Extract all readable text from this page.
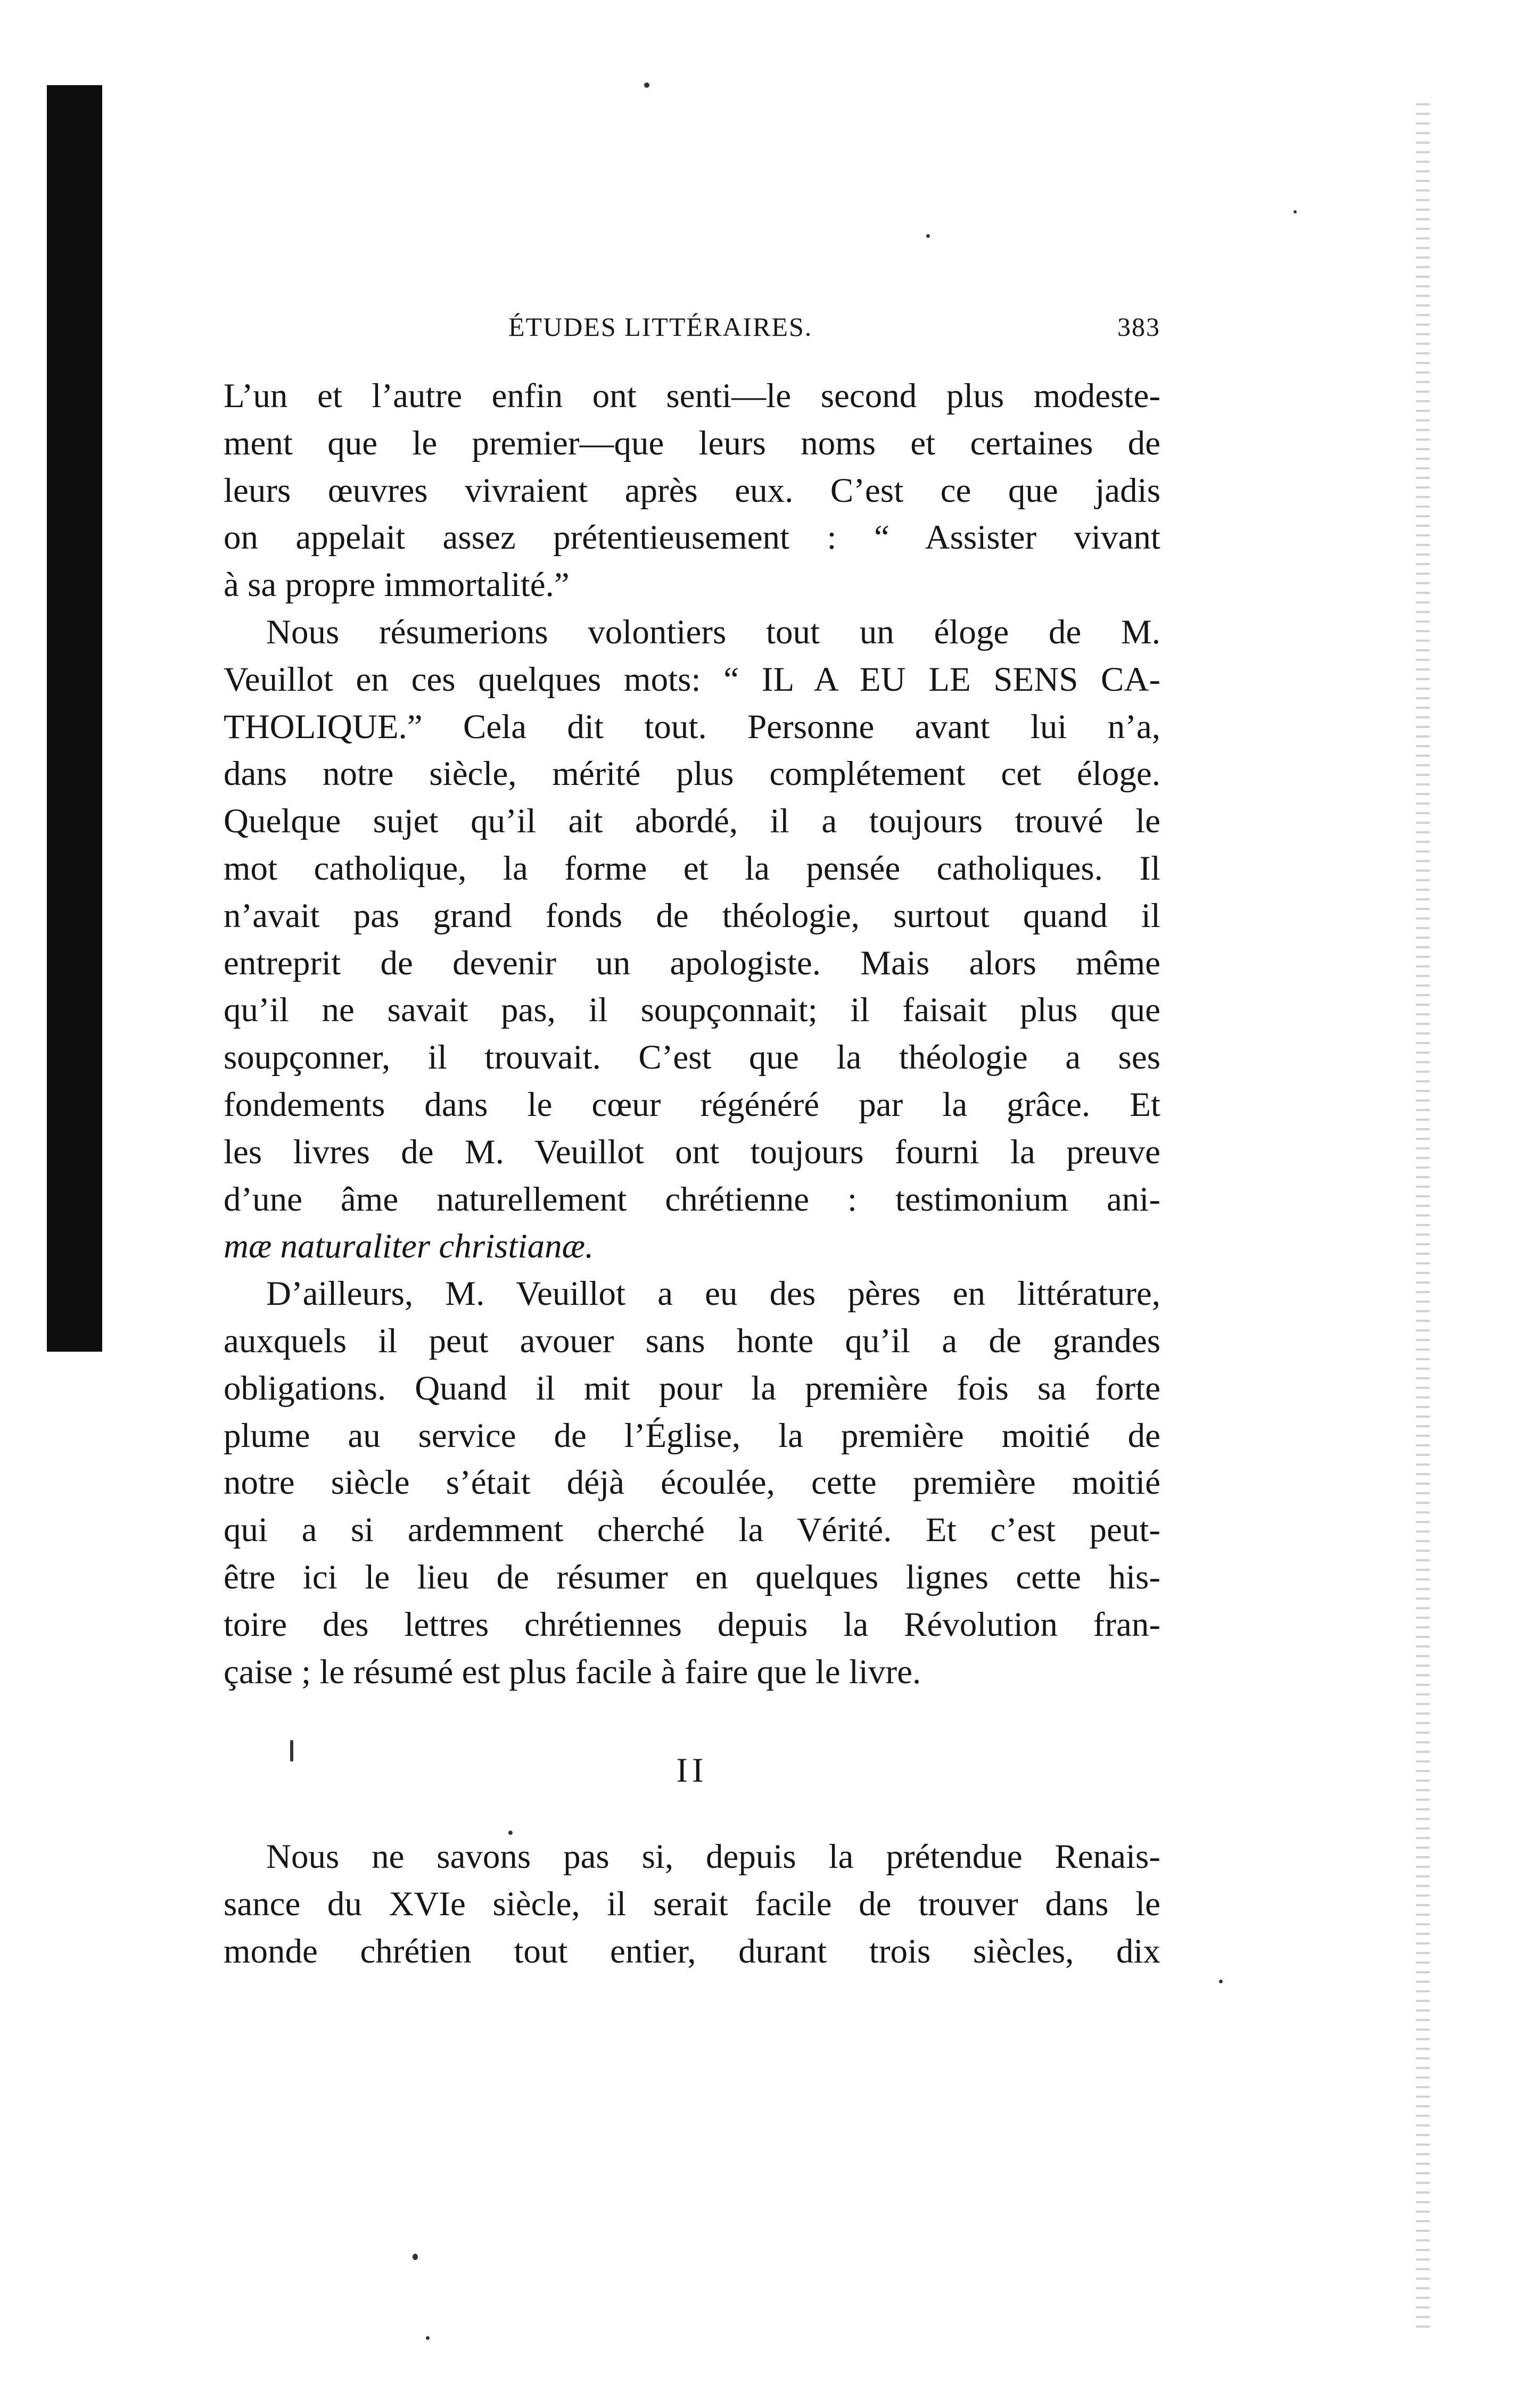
ÉTUDES LITTÉRAIRES.	383
L’un et l’autre enfin ont senti—le second plus modeste-
ment que le premier—que leurs noms et certaines de
leurs œuvres vivraient après eux. C’est ce que jadis
on appelait assez prétentieusement : “ Assister vivant
à sa propre immortalité.”
Nous résumerions volontiers tout un éloge de M.
Veuillot en ces quelques mots: “ IL A EU LE SENS CA-
THOLIQUE.” Cela dit tout. Personne avant lui n’a,
dans notre siècle, mérité plus complétement cet éloge.
Quelque sujet qu’il ait abordé, il a toujours trouvé le
mot catholique, la forme et la pensée catholiques. Il
n’avait pas grand fonds de théologie, surtout quand il
entreprit de devenir un apologiste. Mais alors même
qu’il ne savait pas, il soupçonnait; il faisait plus que
soupçonner, il trouvait. C’est que la théologie a ses
fondements dans le cœur régénéré par la grâce. Et
les livres de M. Veuillot ont toujours fourni la preuve
d’une âme naturellement chrétienne : testimonium ani-
mæ naturaliter christianæ.
D’ailleurs, M. Veuillot a eu des pères en littérature,
auxquels il peut avouer sans honte qu’il a de grandes
obligations. Quand il mit pour la première fois sa forte
plume au service de l’Église, la première moitié de
notre siècle s’était déjà écoulée, cette première moitié
qui a si ardemment cherché la Vérité. Et c’est peut-
être ici le lieu de résumer en quelques lignes cette his-
toire des lettres chrétiennes depuis la Révolution fran-
çaise ; le résumé est plus facile à faire que le livre.
II
Nous ne savons pas si, depuis la prétendue Renais-
sance du XVIe siècle, il serait facile de trouver dans le
monde chrétien tout entier, durant trois siècles, dix
